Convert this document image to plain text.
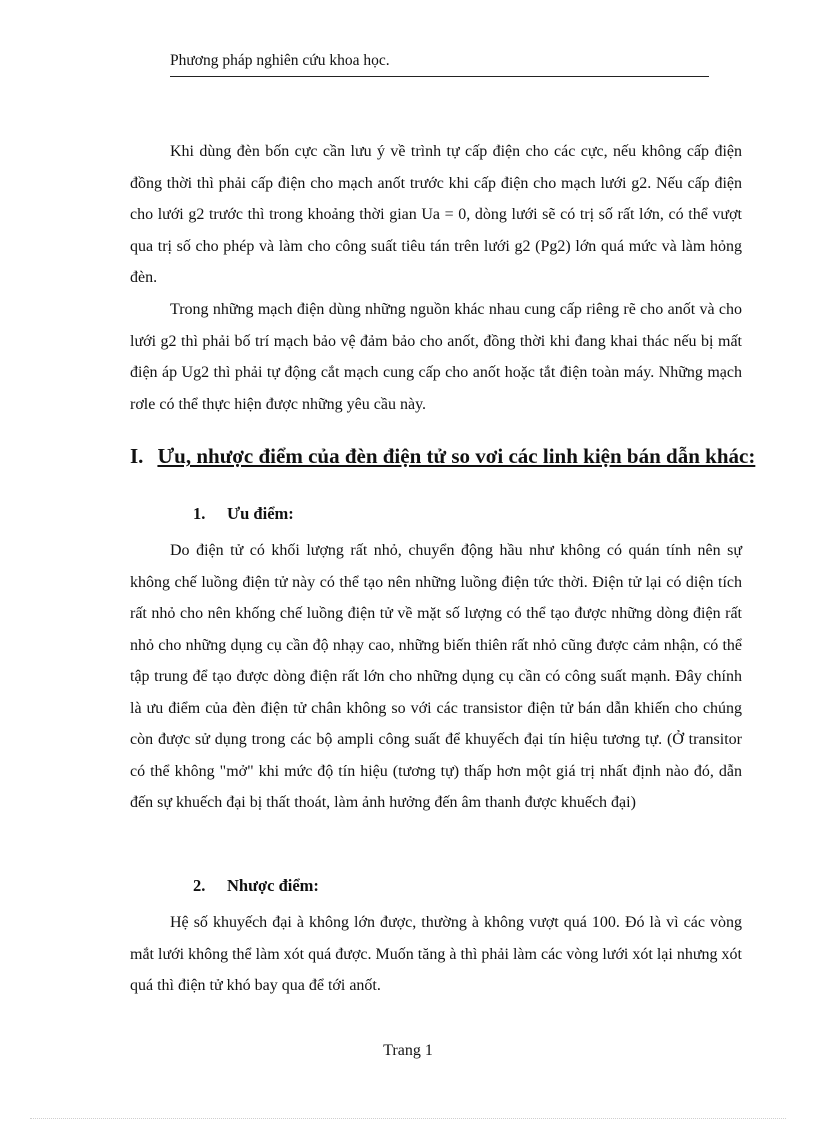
Phương pháp nghiên cứu khoa học.

Khi dùng đèn bốn cực cần lưu ý về trình tự cấp điện cho các cực, nếu không cấp điện đồng thời thì phải cấp điện cho mạch anốt trước khi cấp điện cho mạch lưới g2. Nếu cấp điện cho lưới g2 trước thì trong khoảng thời gian Ua = 0, dòng lưới sẽ có trị số rất lớn, có thể vượt qua trị số cho phép và làm cho công suất tiêu tán trên lưới g2 (Pg2) lớn quá mức và làm hỏng đèn.

Trong những mạch điện dùng những nguồn khác nhau cung cấp riêng rẽ cho anốt và cho lưới g2 thì phải bố trí mạch bảo vệ đảm bảo cho anốt, đồng thời khi đang khai thác nếu bị mất điện áp Ug2 thì phải tự động cắt mạch cung cấp cho anốt hoặc tắt điện toàn máy. Những mạch rơle có thể thực hiện được những yêu cầu này.

I. Ưu, nhược điểm của đèn điện tử so vơi các linh kiện bán dẫn khác:
1. Ưu điểm:

Do điện tử có khối lượng rất nhỏ, chuyển động hầu như không có quán tính nên sự không chế luồng điện tử này có thể tạo nên những luồng điện tức thời. Điện tử lại có diện tích rất nhỏ cho nên khống chế luồng điện tử về mặt số lượng có thể tạo được những dòng điện rất nhỏ cho những dụng cụ cần độ nhạy cao, những biến thiên rất nhỏ cũng được cảm nhận, có thể tập trung để tạo được dòng điện rất lớn cho những dụng cụ cần có công suất mạnh. Đây chính là ưu điểm của đèn điện tử chân không so với các transistor điện tử bán dẫn khiến cho chúng còn được sử dụng trong các bộ ampli công suất để khuyếch đại tín hiệu tương tự. (Ở transitor có thể không "mở" khi mức độ tín hiệu (tương tự) thấp hơn một giá trị nhất định nào đó, dẫn đến sự khuếch đại bị thất thoát, làm ảnh hưởng đến âm thanh được khuếch đại)

2. Nhược điểm:

Hệ số khuyếch đại à không lớn được, thường à không vượt quá 100. Đó là vì các vòng mắt lưới không thể làm xót quá được. Muốn tăng à thì phải làm các vòng lưới xót lại nhưng xót quá thì điện tử khó bay qua để tới anốt.

Trang 1
